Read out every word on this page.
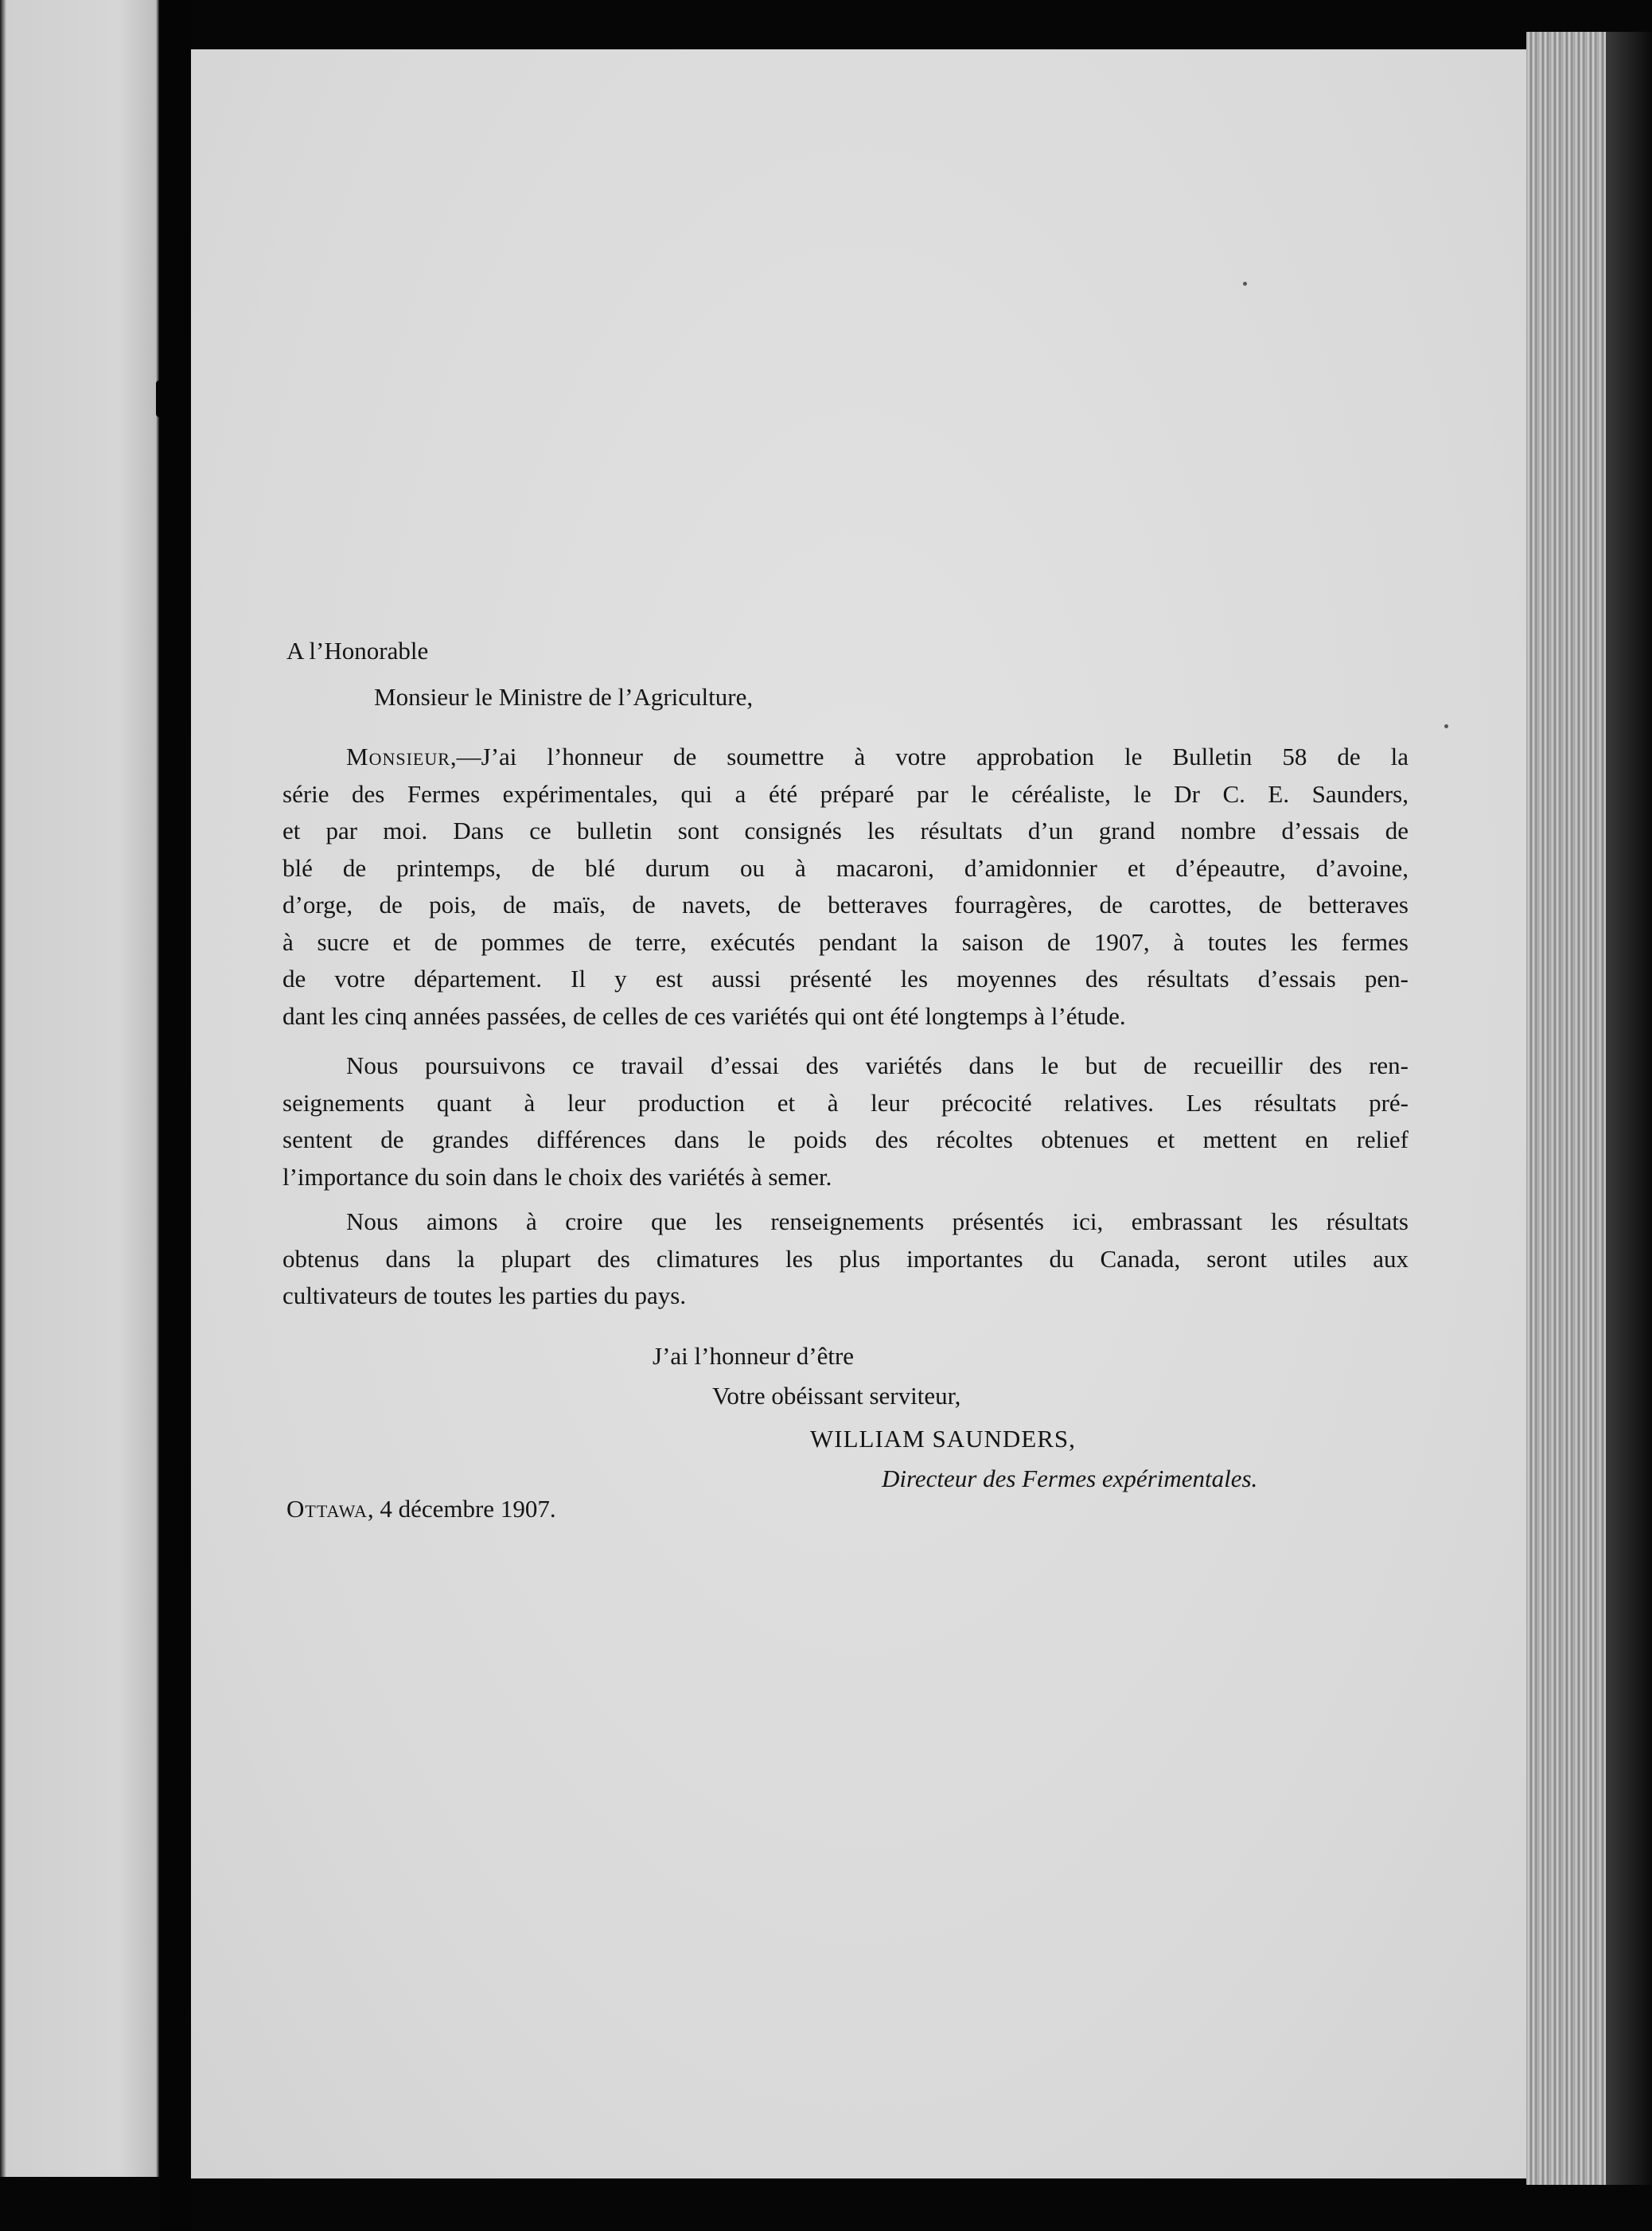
A l’Honorable
Monsieur le Ministre de l’Agriculture,
Monsieur,—J’ai l’honneur de soumettre à votre approbation le Bulletin 58 de la
série des Fermes expérimentales, qui a été préparé par le céréaliste, le Dr C. E. Saunders,
et par moi. Dans ce bulletin sont consignés les résultats d’un grand nombre d’essais de
blé de printemps, de blé durum ou à macaroni, d’amidonnier et d’épeautre, d’avoine,
d’orge, de pois, de maïs, de navets, de betteraves fourragères, de carottes, de betteraves
à sucre et de pommes de terre, exécutés pendant la saison de 1907, à toutes les fermes
de votre département. Il y est aussi présenté les moyennes des résultats d’essais pen-
dant les cinq années passées, de celles de ces variétés qui ont été longtemps à l’étude.
Nous poursuivons ce travail d’essai des variétés dans le but de recueillir des ren-
seignements quant à leur production et à leur précocité relatives. Les résultats pré-
sentent de grandes différences dans le poids des récoltes obtenues et mettent en relief
l’importance du soin dans le choix des variétés à semer.
Nous aimons à croire que les renseignements présentés ici, embrassant les résultats
obtenus dans la plupart des climatures les plus importantes du Canada, seront utiles aux
cultivateurs de toutes les parties du pays.
J’ai l’honneur d’être
Votre obéissant serviteur,
WILLIAM SAUNDERS,
Directeur des Fermes expérimentales.
Ottawa, 4 décembre 1907.
